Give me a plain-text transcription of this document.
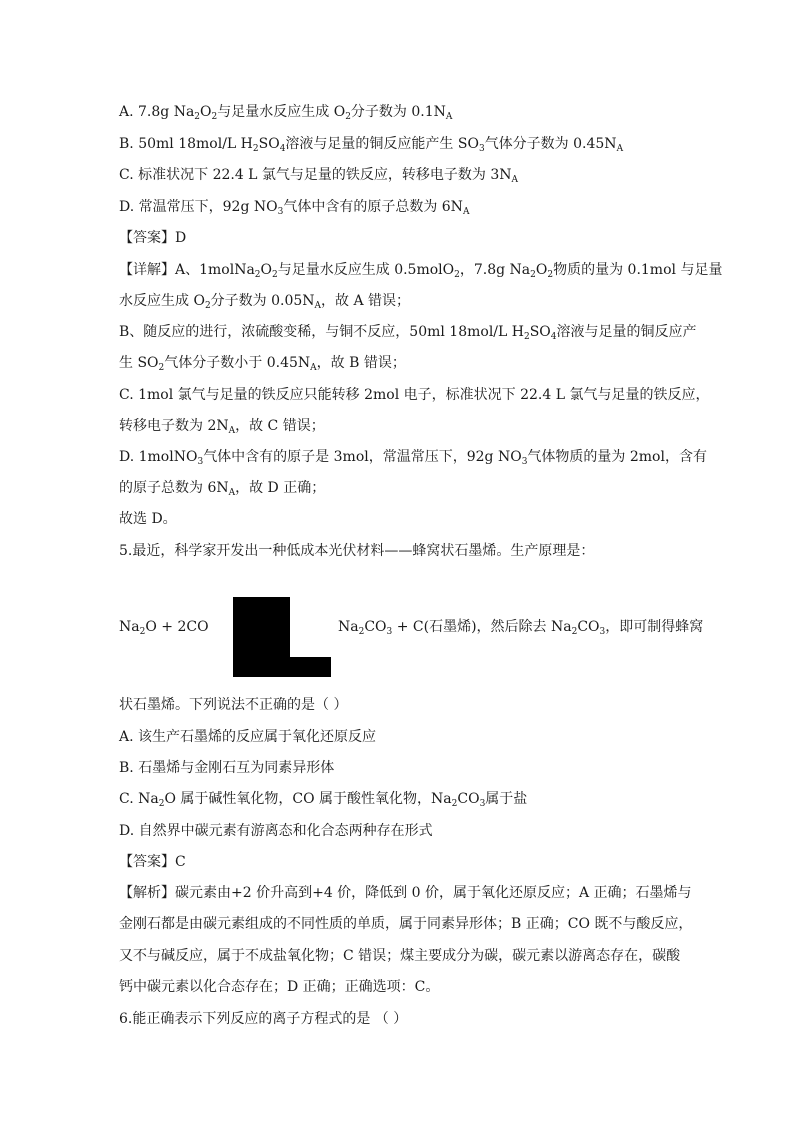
A. 7.8g $Na_2O_2$与足量水反应生成 $O_2$分子数为 $0.1N_A$
B. 50ml 18mol/L $H_2SO_4$溶液与足量的铜反应能产生 $SO_3$气体分子数为 $0.45N_A$
C. 标准状况下 22.4 L 氯气与足量的铁反应，转移电子数为 $3N_A$
D. 常温常压下，92g $NO_3$气体中含有的原子总数为 $6N_A$
【答案】D
【详解】A、$1molNa_2O_2$与足量水反应生成 0.5molO$_2$，7.8g $Na_2O_2$物质的量为 0.1mol 与足量
水反应生成 $O_2$分子数为 $0.05N_A$，故 A 错误；
B、随反应的进行，浓硫酸变稀，与铜不反应，50ml 18mol/L $H_2SO_4$溶液与足量的铜反应产
生 $SO_2$气体分子数小于 $0.45N_A$，故 B 错误；
C. 1mol 氯气与足量的铁反应只能转移 2mol 电子，标准状况下 22.4 L 氯气与足量的铁反应，
转移电子数为 $2N_A$，故 C 错误；
D. 1molNO$_3$气体中含有的原子是 3mol，常温常压下，92g $NO_3$气体物质的量为 2mol，含有
的原子总数为 $6N_A$，故 D 正确；
故选 D。
5.最近，科学家开发出一种低成本光伏材料——蜂窝状石墨烯。生产原理是：
$Na_2O + 2CO$	$Na_2CO_3 + C$(石墨烯)，然后除去 $Na_2CO_3$，即可制得蜂窝
状石墨烯。下列说法不正确的是（ ）
A. 该生产石墨烯的反应属于氧化还原反应
B. 石墨烯与金刚石互为同素异形体
C. $Na_2O$ 属于碱性氧化物，CO 属于酸性氧化物，$Na_2CO_3$属于盐
D. 自然界中碳元素有游离态和化合态两种存在形式
【答案】C
【解析】碳元素由+2 价升高到+4 价，降低到 0 价，属于氧化还原反应；A 正确；石墨烯与
金刚石都是由碳元素组成的不同性质的单质，属于同素异形体；B 正确；CO 既不与酸反应，
又不与碱反应，属于不成盐氧化物；C 错误；煤主要成分为碳，碳元素以游离态存在，碳酸
钙中碳元素以化合态存在；D 正确；正确选项：C。
6.能正确表示下列反应的离子方程式的是 （ ）
